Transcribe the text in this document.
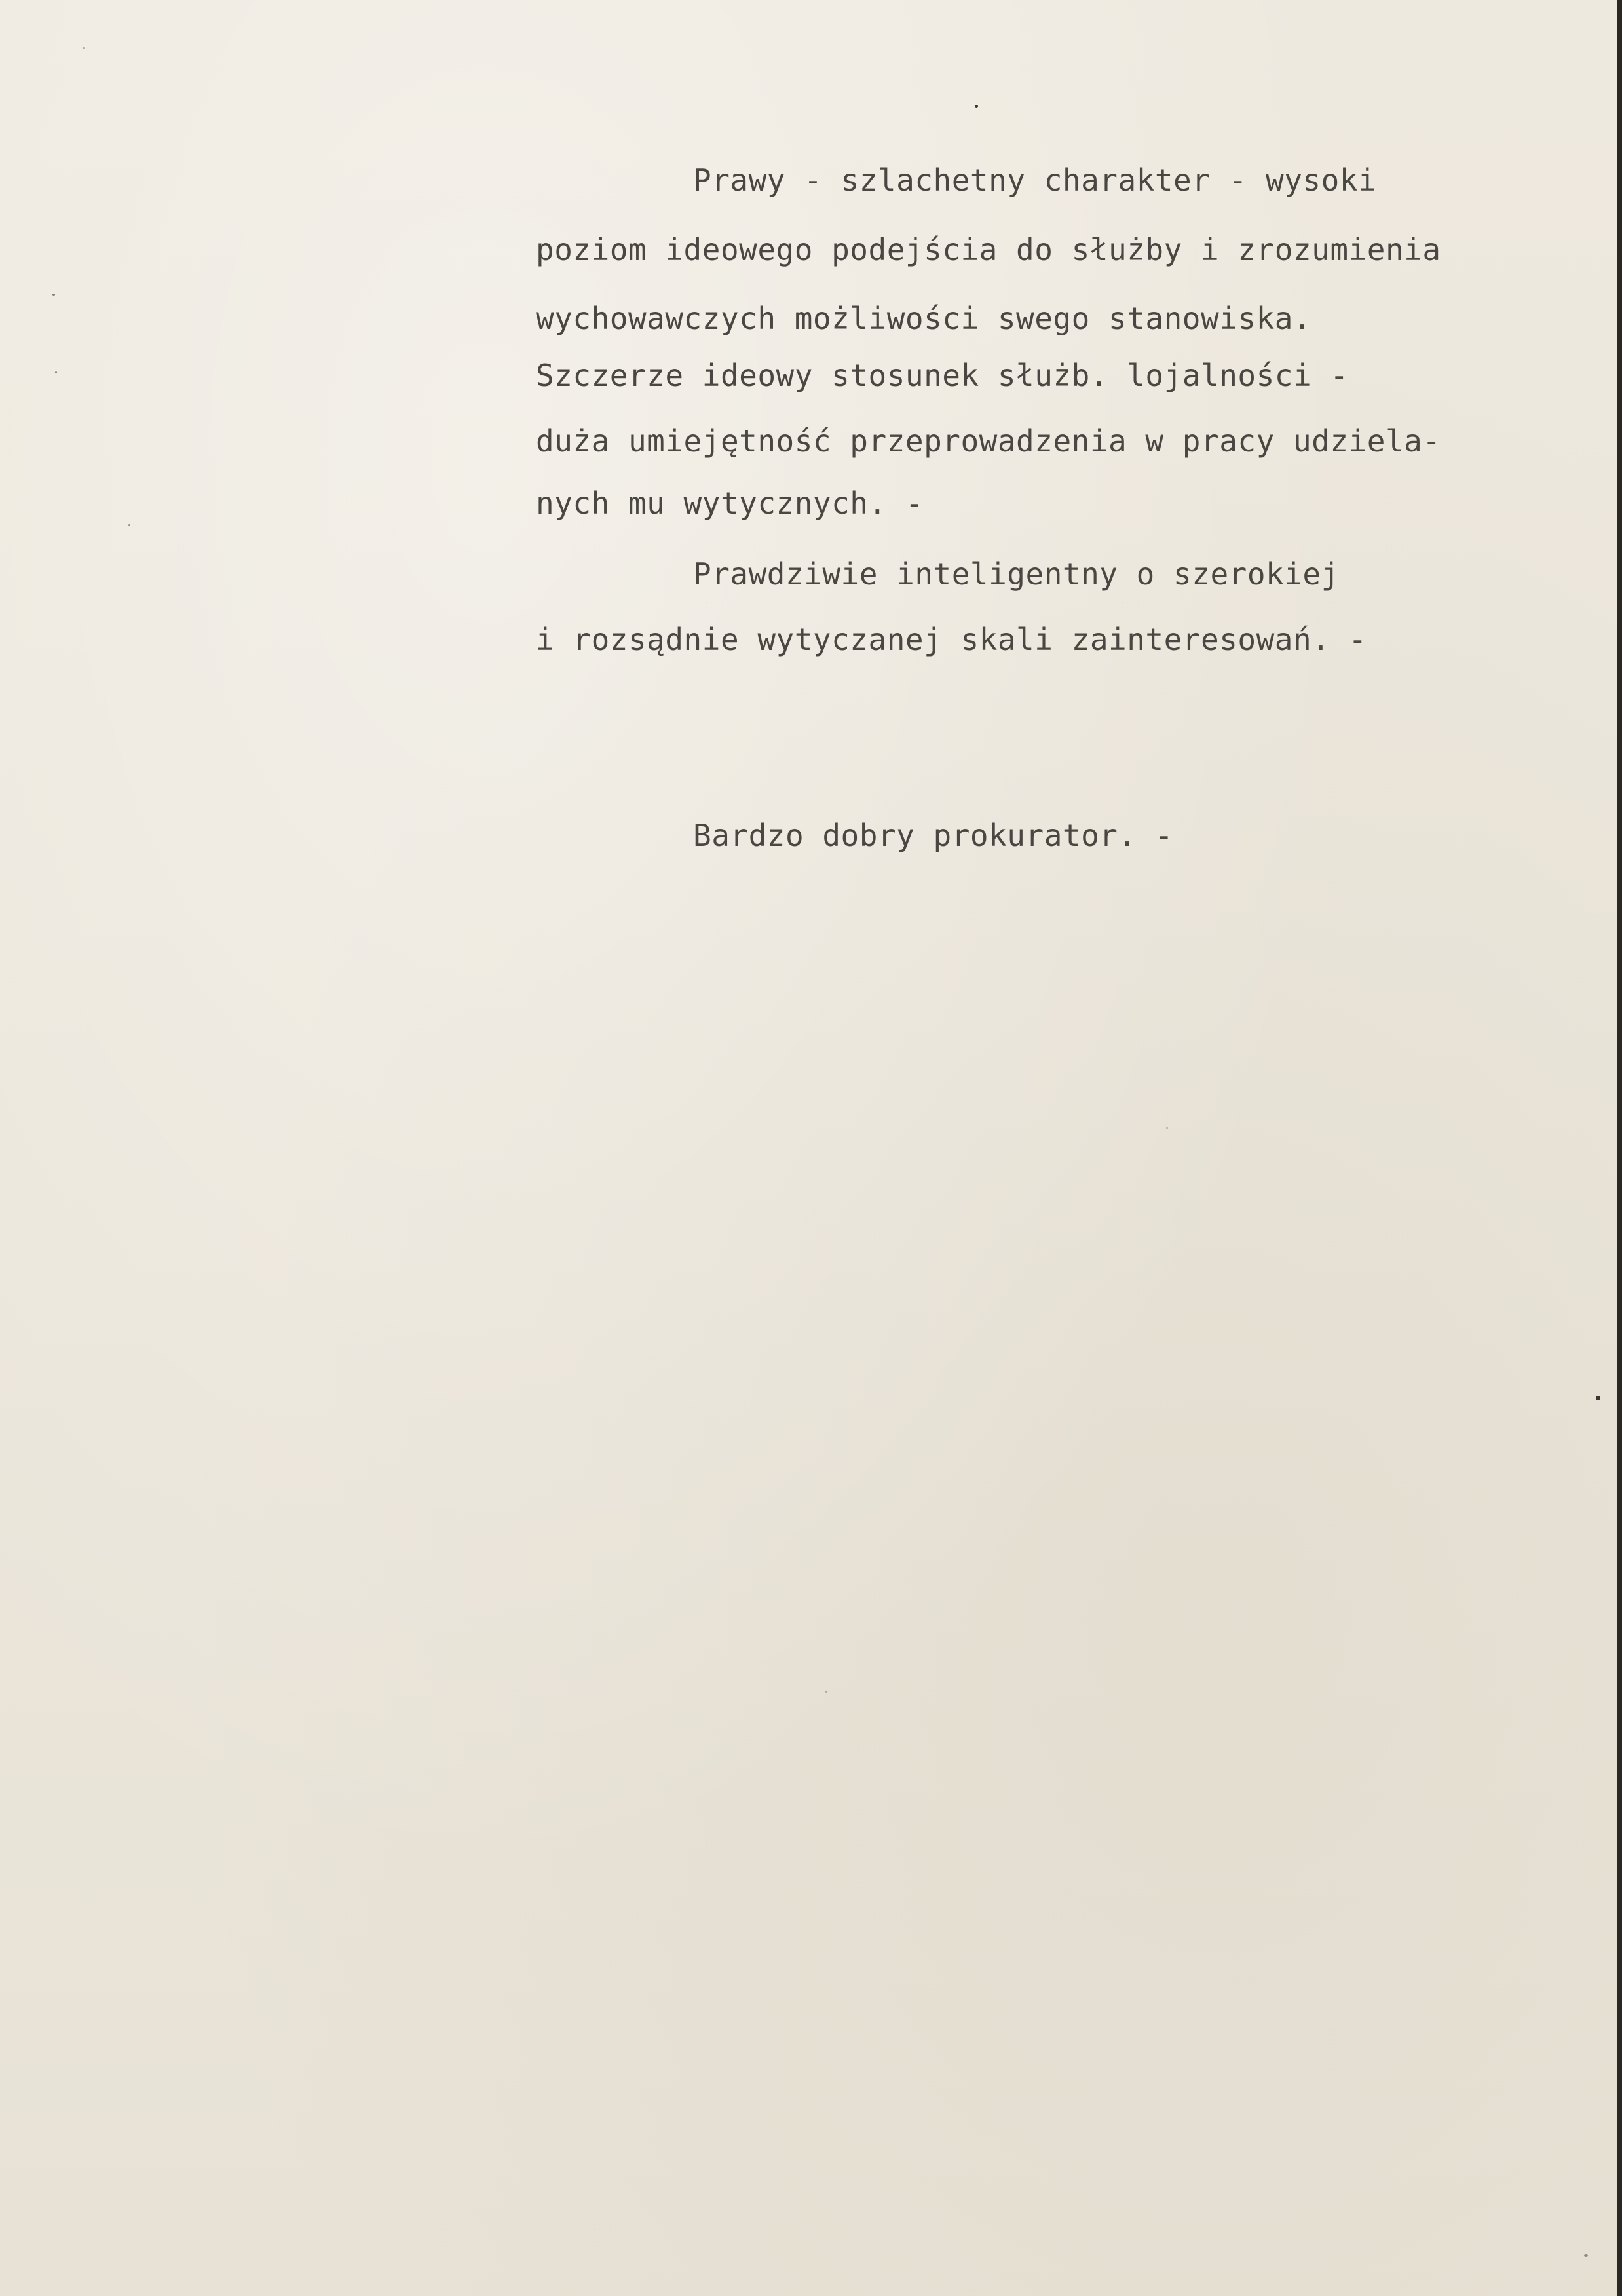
Prawy - szlachetny charakter - wysoki
poziom ideowego podejścia do służby i zrozumienia
wychowawczych możliwości swego stanowiska.
Szczerze ideowy stosunek służb. lojalności -
duża umiejętność przeprowadzenia w pracy udziela-
nych mu wytycznych. -
Prawdziwie inteligentny o szerokiej
i rozsądnie wytyczanej skali zainteresowań. -
Bardzo dobry prokurator. -
